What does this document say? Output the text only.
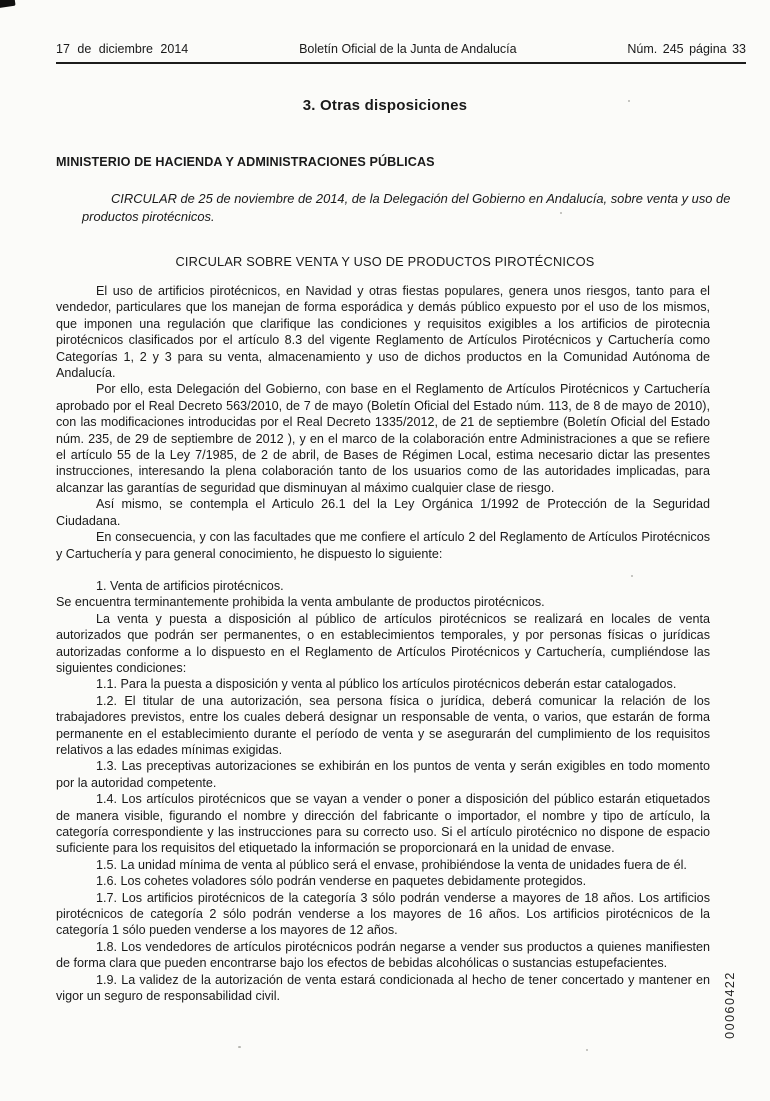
17 de diciembre 2014	Boletín Oficial de la Junta de Andalucía	Núm. 245 página 33
3. Otras disposiciones
MINISTERIO DE HACIENDA Y ADMINISTRACIONES PÚBLICAS

CIRCULAR de 25 de noviembre de 2014, de la Delegación del Gobierno en Andalucía, sobre venta y uso de productos pirotécnicos.

CIRCULAR SOBRE VENTA Y USO DE PRODUCTOS PIROTÉCNICOS

El uso de artificios pirotécnicos, en Navidad y otras fiestas populares, genera unos riesgos, tanto para el vendedor, particulares que los manejan de forma esporádica y demás público expuesto por el uso de los mismos, que imponen una regulación que clarifique las condiciones y requisitos exigibles a los artificios de pirotecnia pirotécnicos clasificados por el artículo 8.3 del vigente Reglamento de Artículos Pirotécnicos y Cartuchería como Categorías 1, 2 y 3 para su venta, almacenamiento y uso de dichos productos en la Comunidad Autónoma de Andalucía.

Por ello, esta Delegación del Gobierno, con base en el Reglamento de Artículos Pirotécnicos y Cartuchería aprobado por el Real Decreto 563/2010, de 7 de mayo (Boletín Oficial del Estado núm. 113, de 8 de mayo de 2010), con las modificaciones introducidas por el Real Decreto 1335/2012, de 21 de septiembre (Boletín Oficial del Estado núm. 235, de 29 de septiembre de 2012 ), y en el marco de la colaboración entre Administraciones a que se refiere el artículo 55 de la Ley 7/1985, de 2 de abril, de Bases de Régimen Local, estima necesario dictar las presentes instrucciones, interesando la plena colaboración tanto de los usuarios como de las autoridades implicadas, para alcanzar las garantías de seguridad que disminuyan al máximo cualquier clase de riesgo.

Así mismo, se contempla el Articulo 26.1 del la Ley Orgánica 1/1992 de Protección de la Seguridad Ciudadana.

En consecuencia, y con las facultades que me confiere el artículo 2 del Reglamento de Artículos Pirotécnicos y Cartuchería y para general conocimiento, he dispuesto lo siguiente:

1. Venta de artificios pirotécnicos.

Se encuentra terminantemente prohibida la venta ambulante de productos pirotécnicos.

La venta y puesta a disposición al público de artículos pirotécnicos se realizará en locales de venta autorizados que podrán ser permanentes, o en establecimientos temporales, y por personas físicas o jurídicas autorizadas conforme a lo dispuesto en el Reglamento de Artículos Pirotécnicos y Cartuchería, cumpliéndose las siguientes condiciones:

1.1. Para la puesta a disposición y venta al público los artículos pirotécnicos deberán estar catalogados.

1.2. El titular de una autorización, sea persona física o jurídica, deberá comunicar la relación de los trabajadores previstos, entre los cuales deberá designar un responsable de venta, o varios, que estarán de forma permanente en el establecimiento durante el período de venta y se asegurarán del cumplimiento de los requisitos relativos a las edades mínimas exigidas.

1.3. Las preceptivas autorizaciones se exhibirán en los puntos de venta y serán exigibles en todo momento por la autoridad competente.

1.4. Los artículos pirotécnicos que se vayan a vender o poner a disposición del público estarán etiquetados de manera visible, figurando el nombre y dirección del fabricante o importador, el nombre y tipo de artículo, la categoría correspondiente y las instrucciones para su correcto uso. Si el artículo pirotécnico no dispone de espacio suficiente para los requisitos del etiquetado la información se proporcionará en la unidad de envase.

1.5. La unidad mínima de venta al público será el envase, prohibiéndose la venta de unidades fuera de él.

1.6. Los cohetes voladores sólo podrán venderse en paquetes debidamente protegidos.

1.7. Los artificios pirotécnicos de la categoría 3 sólo podrán venderse a mayores de 18 años. Los artificios pirotécnicos de categoría 2 sólo podrán venderse a los mayores de 16 años. Los artificios pirotécnicos de la categoría 1 sólo pueden venderse a los mayores de 12 años.

1.8. Los vendedores de artículos pirotécnicos podrán negarse a vender sus productos a quienes manifiesten de forma clara que pueden encontrarse bajo los efectos de bebidas alcohólicas o sustancias estupefacientes.

1.9. La validez de la autorización de venta estará condicionada al hecho de tener concertado y mantener en vigor un seguro de responsabilidad civil.	00060422
